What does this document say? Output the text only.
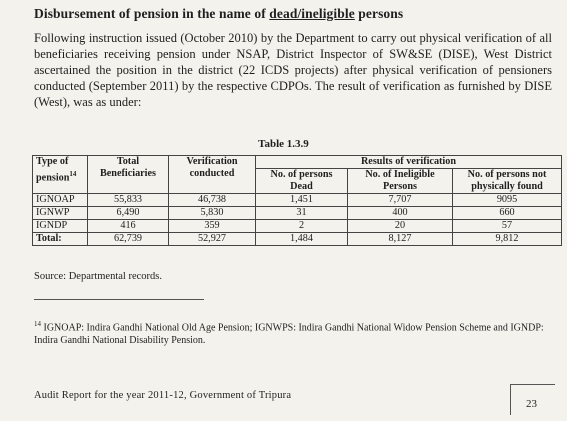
Disbursement of pension in the name of dead/ineligible persons
Following instruction issued (October 2010) by the Department to carry out physical verification of all beneficiaries receiving pension under NSAP, District Inspector of SW&SE (DISE), West District ascertained the position in the district (22 ICDS projects) after physical verification of pensioners conducted (September 2011) by the respective CDPOs. The result of verification as furnished by DISE (West), was as under:
Table 1.3.9
Type of pension$^{14}$	Total Beneficiaries	Verification conducted	Results of verification		
			No. of persons Dead	No. of Ineligible Persons	No. of persons not physically found
IGNOAP	55,833	46,738	1,451	7,707	9095
IGNWP	6,490	5,830	31	400	660
IGNDP	416	359	2	20	57
Total:	62,739	52,927	1,484	8,127	9,812
Source: Departmental records.
$^{14}$ IGNOAP: Indira Gandhi National Old Age Pension; IGNWPS: Indira Gandhi National Widow Pension Scheme and IGNDP: Indira Gandhi National Disability Pension.
Audit Report for the year 2011-12, Government of Tripura
23
